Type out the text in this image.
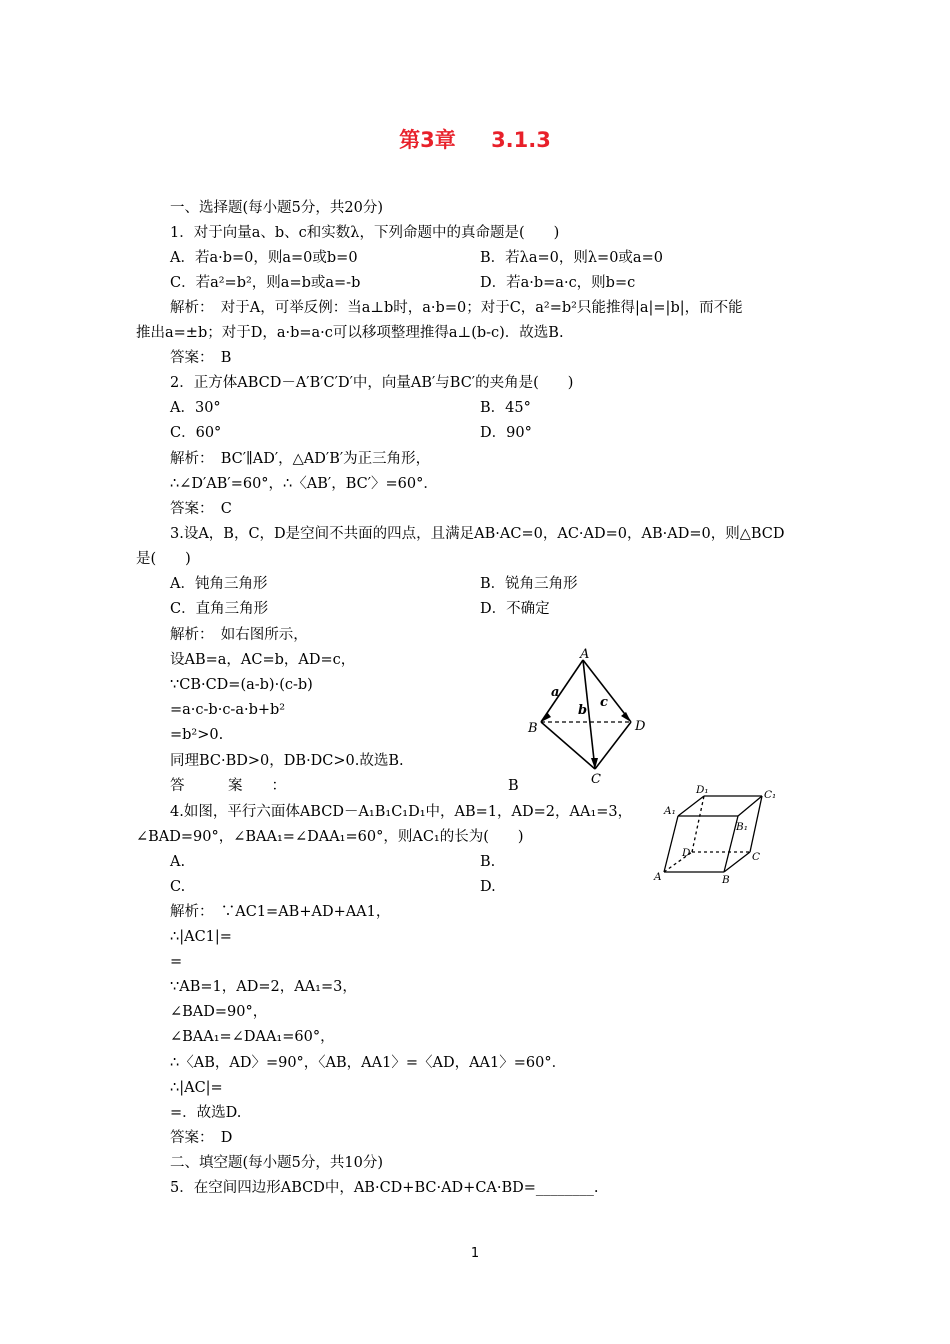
第3章 3.1.3
一、选择题(每小题5分，共20分)
1．对于向量a、b、c和实数λ，下列命题中的真命题是(　　)
A．若a·b=0，则a=0或b=0	B．若λa=0，则λ=0或a=0
C．若a²=b²，则a=b或a=-b	D．若a·b=a·c，则b=c
解析：　对于A，可举反例：当a⊥b时，a·b=0；对于C，a²=b²只能推得|a|=|b|，而不能
推出a=±b；对于D，a·b=a·c可以移项整理推得a⊥(b-c)．故选B.
答案：　B
2．正方体ABCD－A′B′C′D′中，向量AB′与BC′的夹角是(　　)
A．30°	B．45°
C．60°	D．90°
解析：　BC′∥AD′，△AD′B′为正三角形，
∴∠D′AB′=60°，∴〈AB′，BC′〉=60°．
答案：　C
3.设A，B，C，D是空间不共面的四点，且满足AB·AC=0，AC·AD=0，AB·AD=0，则△BCD
是(　　)
A．钝角三角形	B．锐角三角形
C．直角三角形	D．不确定
解析：　如右图所示，
设AB=a，AC=b，AD=c，
∵CB·CD=(a-b)·(c-b)
=a·c-b·c-a·b+b²
=b²>0.
同理BC·BD>0，DB·DC>0.故选B.
答　　　案　　：	B
4.如图，平行六面体ABCD－A₁B₁C₁D₁中，AB=1，AD=2，AA₁=3，
∠BAD=90°，∠BAA₁=∠DAA₁=60°，则AC₁的长为(　　)
A.	B.
C.	D.
解析：　∵AC1=AB+AD+AA1，
∴|AC1|=
=
∵AB=1，AD=2，AA₁=3，
∠BAD=90°，
∠BAA₁=∠DAA₁=60°，
∴〈AB，AD〉=90°，〈AB，AA1〉=〈AD，AA1〉=60°．
∴|AC|=
=．故选D.
答案：　D
二、填空题(每小题5分，共10分)
5．在空间四边形ABCD中，AB·CD+BC·AD+CA·BD=________.
A
B
C
D
a
b
c
A	B
C
D
A₁
B₁
C₁
D₁
1
